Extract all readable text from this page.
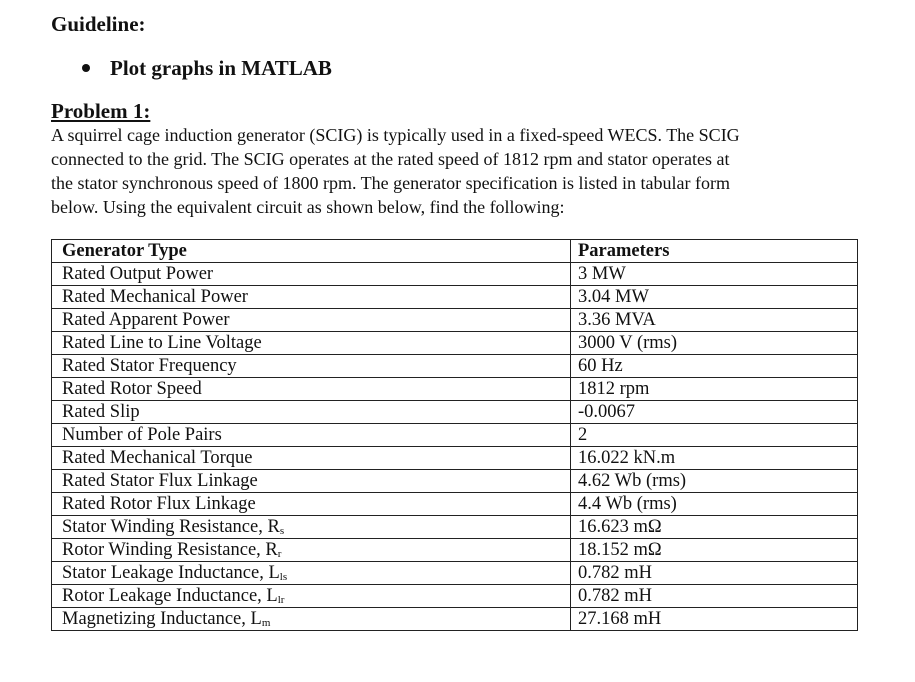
Guideline:
Plot graphs in MATLAB
Problem 1:
A squirrel cage induction generator (SCIG) is typically used in a fixed-speed WECS. The SCIG
connected to the grid. The SCIG operates at the rated speed of 1812 rpm and stator operates at
the stator synchronous speed of 1800 rpm. The generator specification is listed in tabular form
below. Using the equivalent circuit as shown below, find the following:
Generator Type	Parameters
Rated Output Power	3 MW
Rated Mechanical Power	3.04 MW
Rated Apparent Power	3.36 MVA
Rated Line to Line Voltage	3000 V (rms)
Rated Stator Frequency	60 Hz
Rated Rotor Speed	1812 rpm
Rated Slip	-0.0067
Number of Pole Pairs	2
Rated Mechanical Torque	16.022 kN.m
Rated Stator Flux Linkage	4.62 Wb (rms)
Rated Rotor Flux Linkage	4.4 Wb (rms)
Stator Winding Resistance, $R_s$	16.623 mΩ
Rotor Winding Resistance, $R_r$	18.152 mΩ
Stator Leakage Inductance, $L_{ls}$	0.782 mH
Rotor Leakage Inductance, $L_{lr}$	0.782 mH
Magnetizing Inductance, $L_m$	27.168 mH
